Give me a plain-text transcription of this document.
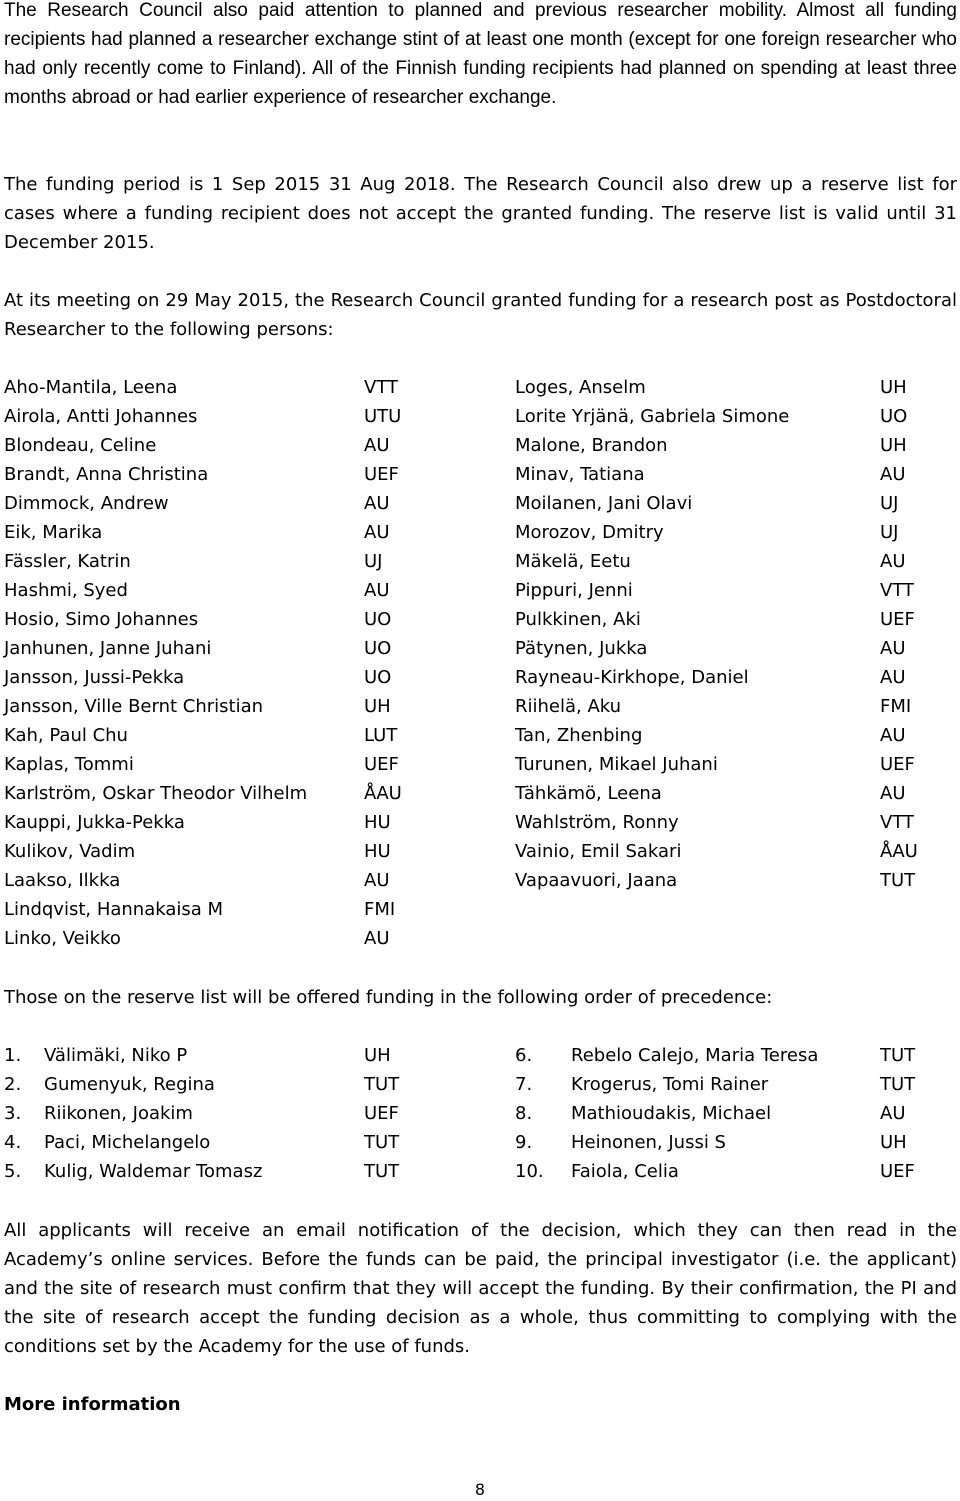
The Research Council also paid attention to planned and previous researcher mobility. Almost all funding recipients had planned a researcher exchange stint of at least one month (except for one foreign researcher who had only recently come to Finland). All of the Finnish funding recipients had planned on spending at least three months abroad or had earlier experience of researcher exchange.

The funding period is 1 Sep 2015 31 Aug 2018. The Research Council also drew up a reserve list for cases where a funding recipient does not accept the granted funding. The reserve list is valid until 31 December 2015.

At its meeting on 29 May 2015, the Research Council granted funding for a research post as Postdoctoral Researcher to the following persons:

Aho-Mantila, Leena	VTT	Loges, Anselm	UH
Airola, Antti Johannes	UTU	Lorite Yrjänä, Gabriela Simone	UO
Blondeau, Celine	AU	Malone, Brandon	UH
Brandt, Anna Christina	UEF	Minav, Tatiana	AU
Dimmock, Andrew	AU	Moilanen, Jani Olavi	UJ
Eik, Marika	AU	Morozov, Dmitry	UJ
Fässler, Katrin	UJ	Mäkelä, Eetu	AU
Hashmi, Syed	AU	Pippuri, Jenni	VTT
Hosio, Simo Johannes	UO	Pulkkinen, Aki	UEF
Janhunen, Janne Juhani	UO	Pätynen, Jukka	AU
Jansson, Jussi-Pekka	UO	Rayneau-Kirkhope, Daniel	AU
Jansson, Ville Bernt Christian	UH	Riihelä, Aku	FMI
Kah, Paul Chu	LUT	Tan, Zhenbing	AU
Kaplas, Tommi	UEF	Turunen, Mikael Juhani	UEF
Karlström, Oskar Theodor Vilhelm	ÅAU	Tähkämö, Leena	AU
Kauppi, Jukka-Pekka	HU	Wahlström, Ronny	VTT
Kulikov, Vadim	HU	Vainio, Emil Sakari	ÅAU
Laakso, Ilkka	AU	Vapaavuori, Jaana	TUT
Lindqvist, Hannakaisa M	FMI
Linko, Veikko	AU

Those on the reserve list will be offered funding in the following order of precedence:

1. Välimäki, Niko P	UH	6. Rebelo Calejo, Maria Teresa	TUT
2. Gumenyuk, Regina	TUT	7. Krogerus, Tomi Rainer	TUT
3. Riikonen, Joakim	UEF	8. Mathioudakis, Michael	AU
4. Paci, Michelangelo	TUT	9. Heinonen, Jussi S	UH
5. Kulig, Waldemar Tomasz	TUT	10. Faiola, Celia	UEF

All applicants will receive an email notification of the decision, which they can then read in the Academy’s online services. Before the funds can be paid, the principal investigator (i.e. the applicant) and the site of research must confirm that they will accept the funding. By their confirmation, the PI and the site of research accept the funding decision as a whole, thus committing to complying with the conditions set by the Academy for the use of funds.

More information
8
